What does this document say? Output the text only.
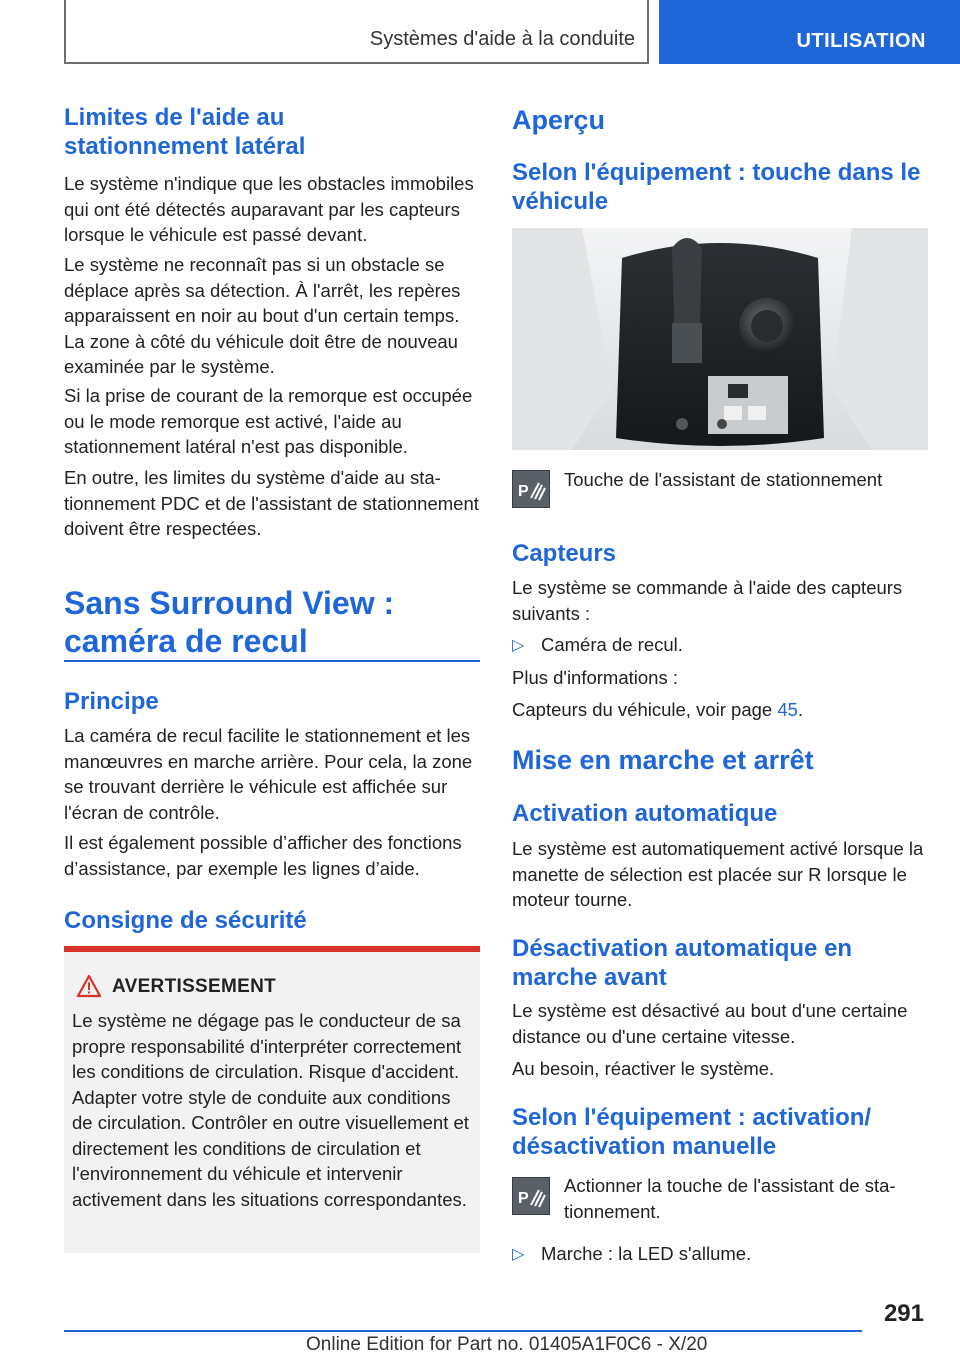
Systèmes d'aide à la conduite	UTILISATION
Limites de l'aide au stationnement latéral
Le système n'indique que les obstacles immobiles qui ont été détectés auparavant par les capteurs lorsque le véhicule est passé devant.
Le système ne reconnaît pas si un obstacle se déplace après sa détection. À l'arrêt, les repères apparaissent en noir au bout d'un certain temps. La zone à côté du véhicule doit être de nouveau examinée par le système.
Si la prise de courant de la remorque est occupée ou le mode remorque est activé, l'aide au stationnement latéral n'est pas disponible.
En outre, les limites du système d'aide au stationnement PDC et de l'assistant de stationnement doivent être respectées.
Sans Surround View :
caméra de recul
Principe
La caméra de recul facilite le stationnement et les manœuvres en marche arrière. Pour cela, la zone se trouvant derrière le véhicule est affichée sur l'écran de contrôle.
Il est également possible d’afficher des fonctions d’assistance, par exemple les lignes d’aide.
Consigne de sécurité
AVERTISSEMENT
Le système ne dégage pas le conducteur de sa propre responsabilité d'interpréter correctement les conditions de circulation. Risque d'accident. Adapter votre style de conduite aux conditions de circulation. Contrôler en outre visuellement et directement les conditions de circulation et l'environnement du véhicule et intervenir activement dans les situations correspondantes.
Aperçu
Selon l'équipement : touche dans le véhicule
P
Touche de l'assistant de stationnement
Capteurs
Le système se commande à l'aide des capteurs suivants :
▷ Caméra de recul.
Plus d'informations :
Capteurs du véhicule, voir page 45.
Mise en marche et arrêt
Activation automatique
Le système est automatiquement activé lorsque la manette de sélection est placée sur R lorsque le moteur tourne.
Désactivation automatique en marche avant
Le système est désactivé au bout d'une certaine distance ou d'une certaine vitesse.
Au besoin, réactiver le système.
Selon l'équipement : activation/ désactivation manuelle
P
Actionner la touche de l'assistant de stationnement.
▷ Marche : la LED s'allume.
291
Online Edition for Part no. 01405A1F0C6 - X/20
